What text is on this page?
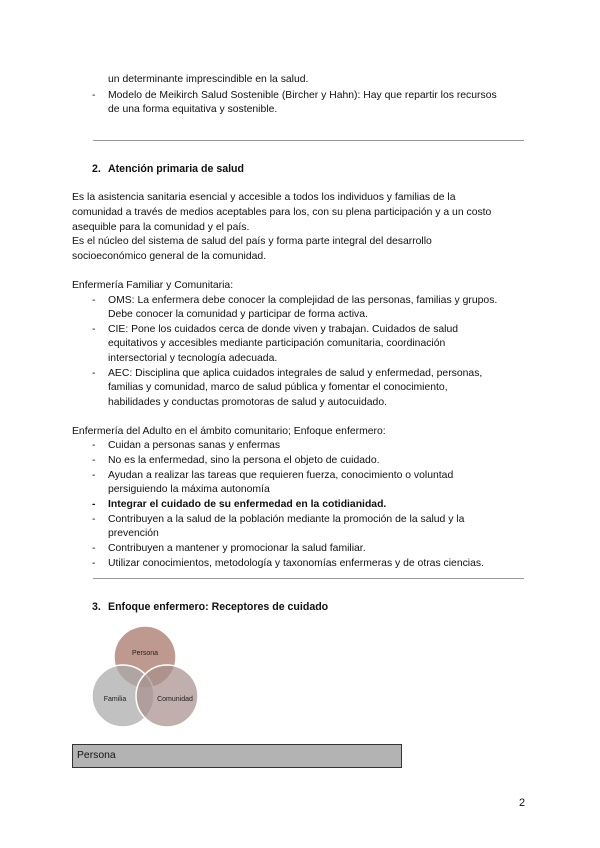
un determinante imprescindible en la salud.
- Modelo de Meikirch Salud Sostenible (Bircher y Hahn): Hay que repartir los recursos
de una forma equitativa y sostenible.
2. Atención primaria de salud
Es la asistencia sanitaria esencial y accesible a todos los individuos y familias de la
comunidad a través de medios aceptables para los, con su plena participación y a un costo
asequible para la comunidad y el país.
Es el núcleo del sistema de salud del país y forma parte integral del desarrollo
socioeconómico general de la comunidad.
Enfermería Familiar y Comunitaria:
- OMS: La enfermera debe conocer la complejidad de las personas, familias y grupos.
Debe conocer la comunidad y participar de forma activa.
- CIE: Pone los cuidados cerca de donde viven y trabajan. Cuidados de salud
equitativos y accesibles mediante participación comunitaria, coordinación
intersectorial y tecnología adecuada.
- AEC: Disciplina que aplica cuidados integrales de salud y enfermedad, personas,
familias y comunidad, marco de salud pública y fomentar el conocimiento,
habilidades y conductas promotoras de salud y autocuidado.
Enfermería del Adulto en el ámbito comunitario; Enfoque enfermero:
- Cuidan a personas sanas y enfermas
- No es la enfermedad, sino la persona el objeto de cuidado.
- Ayudan a realizar las tareas que requieren fuerza, conocimiento o voluntad
persiguiendo la máxima autonomía
- Integrar el cuidado de su enfermedad en la cotidianidad.
- Contribuyen a la salud de la población mediante la promoción de la salud y la
prevención
- Contribuyen a mantener y promocionar la salud familiar.
- Utilizar conocimientos, metodología y taxonomías enfermeras y de otras ciencias.
3. Enfoque enfermero: Receptores de cuidado
Persona
Familia	Comunidad
Persona
2
